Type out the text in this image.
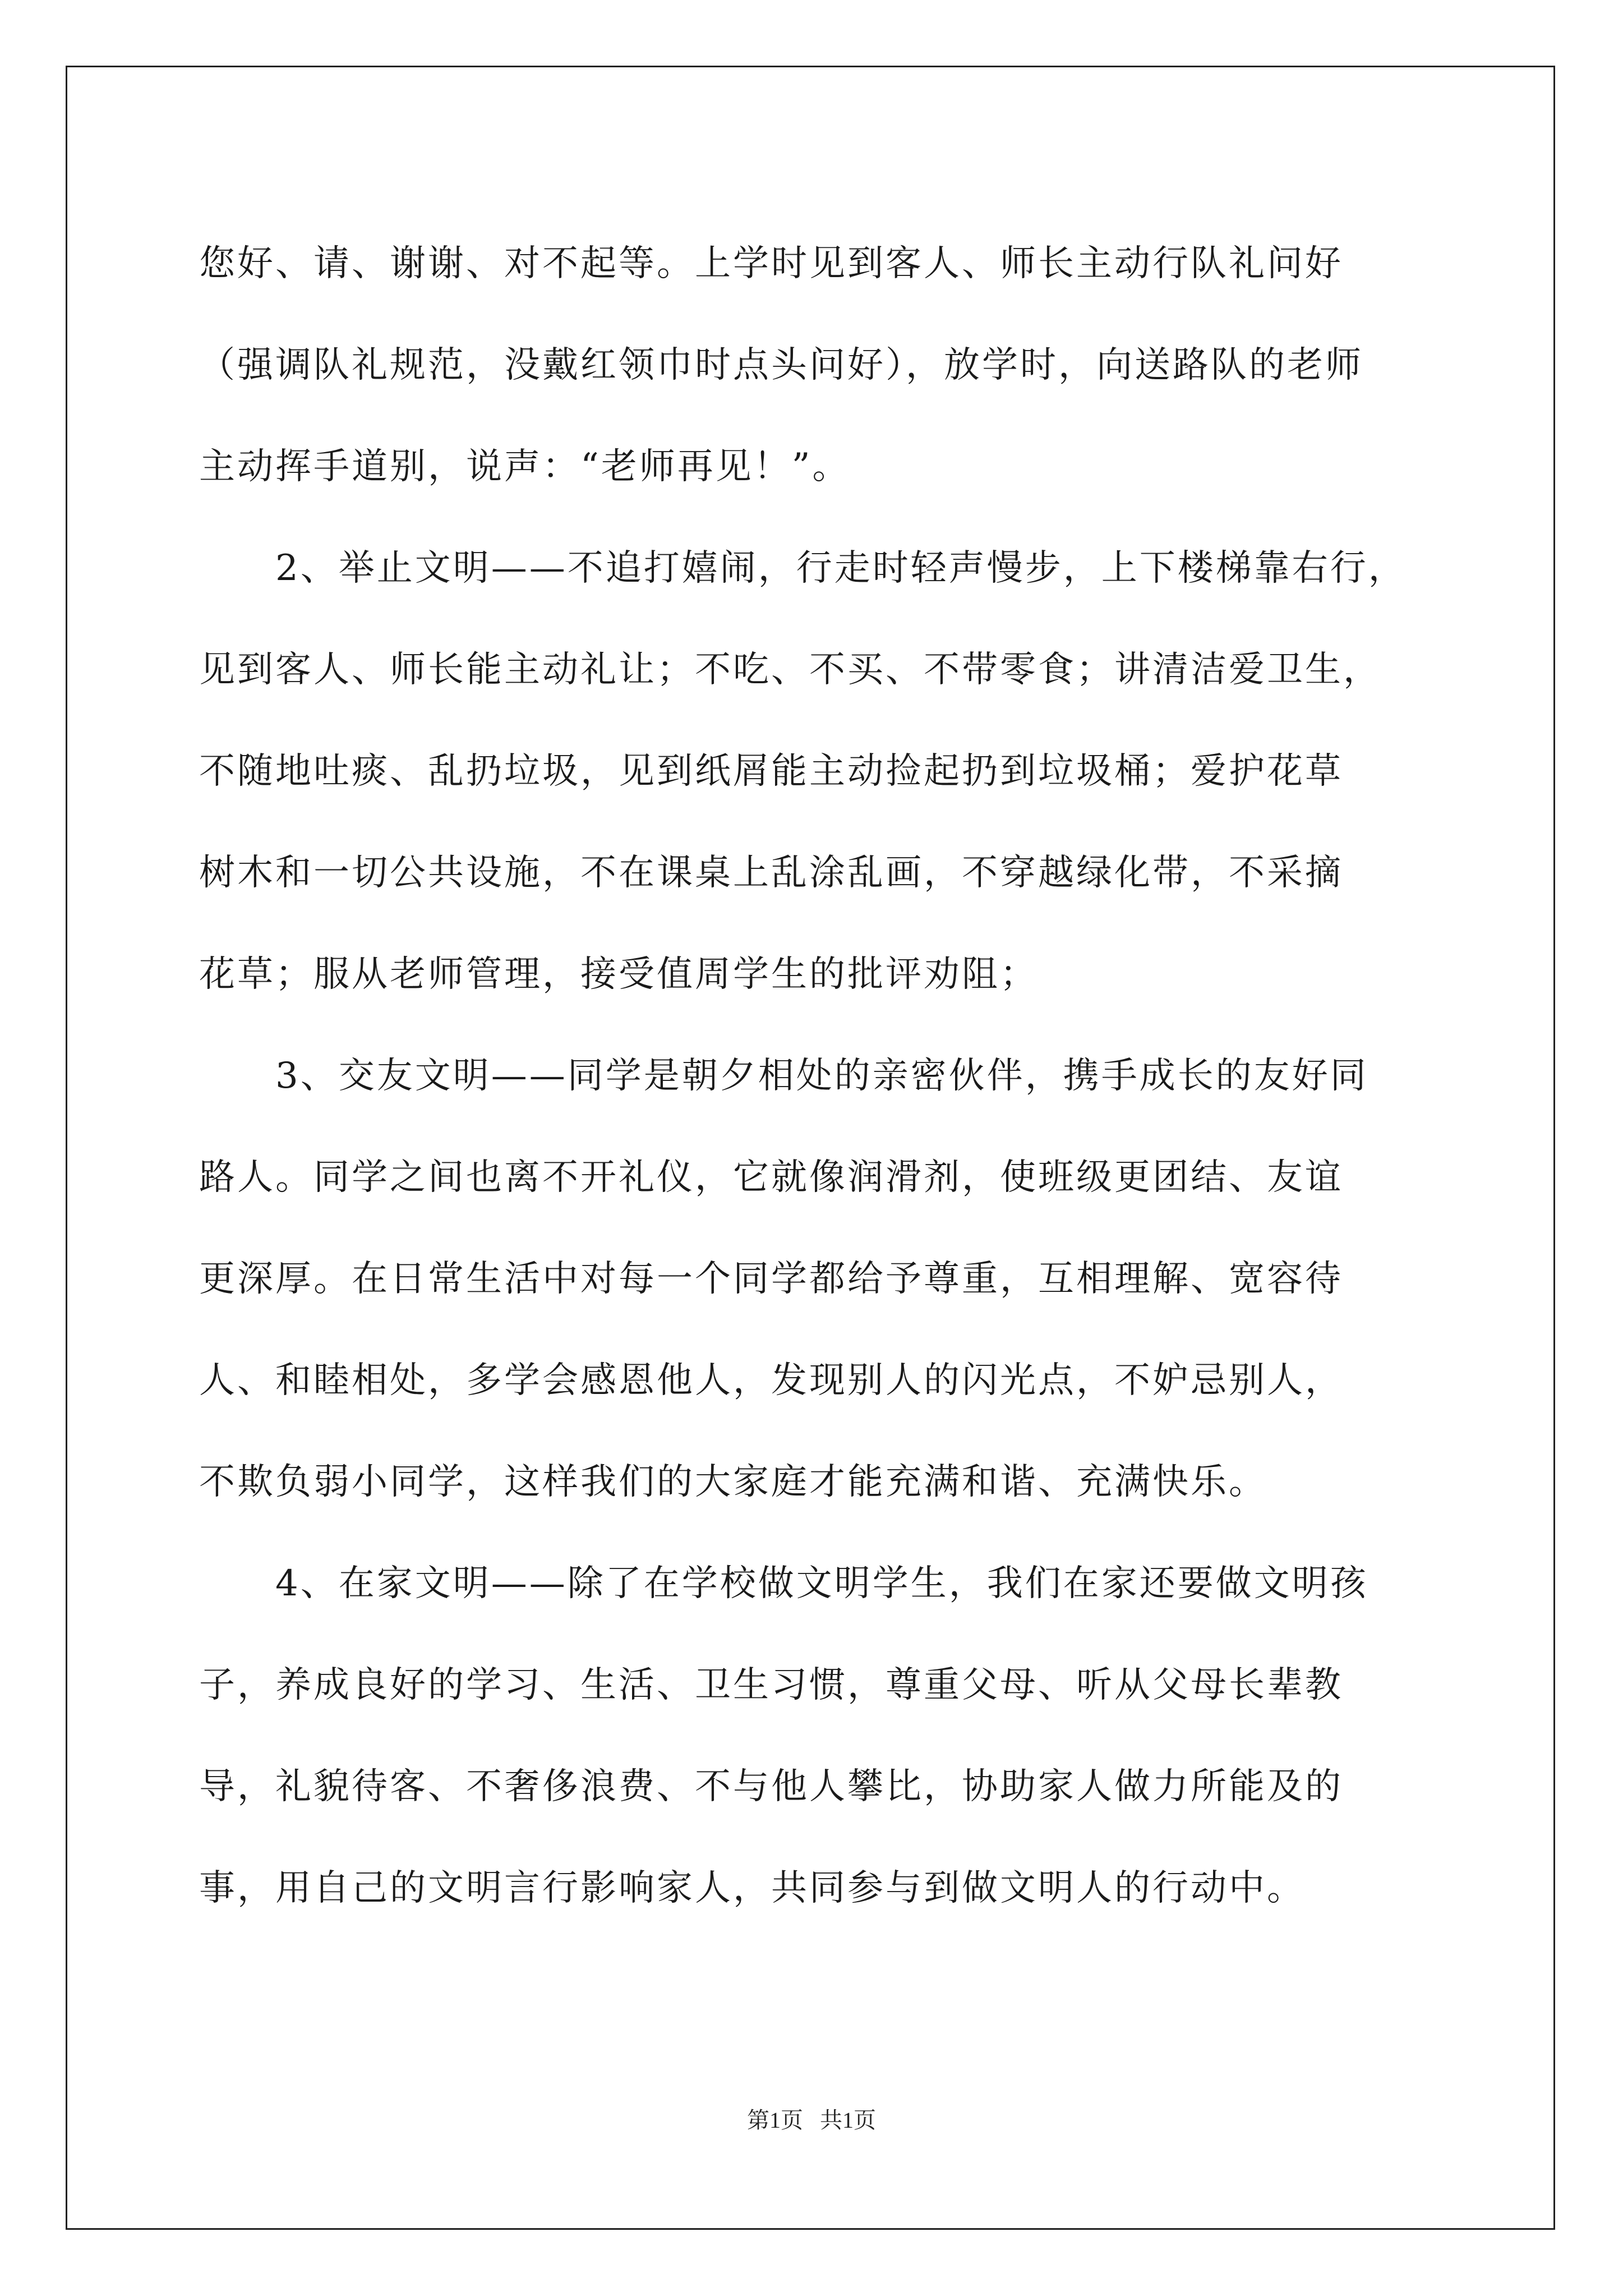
您好、请、谢谢、对不起等。上学时见到客人、师长主动行队礼问好
（强调队礼规范，没戴红领巾时点头问好），放学时，向送路队的老师
主动挥手道别，说声：“老师再见！”。
　　2、举止文明——不追打嬉闹，行走时轻声慢步，上下楼梯靠右行，
见到客人、师长能主动礼让；不吃、不买、不带零食；讲清洁爱卫生，
不随地吐痰、乱扔垃圾，见到纸屑能主动捡起扔到垃圾桶；爱护花草
树木和一切公共设施，不在课桌上乱涂乱画，不穿越绿化带，不采摘
花草；服从老师管理，接受值周学生的批评劝阻；
　　3、交友文明——同学是朝夕相处的亲密伙伴，携手成长的友好同
路人。同学之间也离不开礼仪，它就像润滑剂，使班级更团结、友谊
更深厚。在日常生活中对每一个同学都给予尊重，互相理解、宽容待
人、和睦相处，多学会感恩他人，发现别人的闪光点，不妒忌别人，
不欺负弱小同学，这样我们的大家庭才能充满和谐、充满快乐。
　　4、在家文明——除了在学校做文明学生，我们在家还要做文明孩
子，养成良好的学习、生活、卫生习惯，尊重父母、听从父母长辈教
导，礼貌待客、不奢侈浪费、不与他人攀比，协助家人做力所能及的
事，用自己的文明言行影响家人，共同参与到做文明人的行动中。
第1页   共1页
